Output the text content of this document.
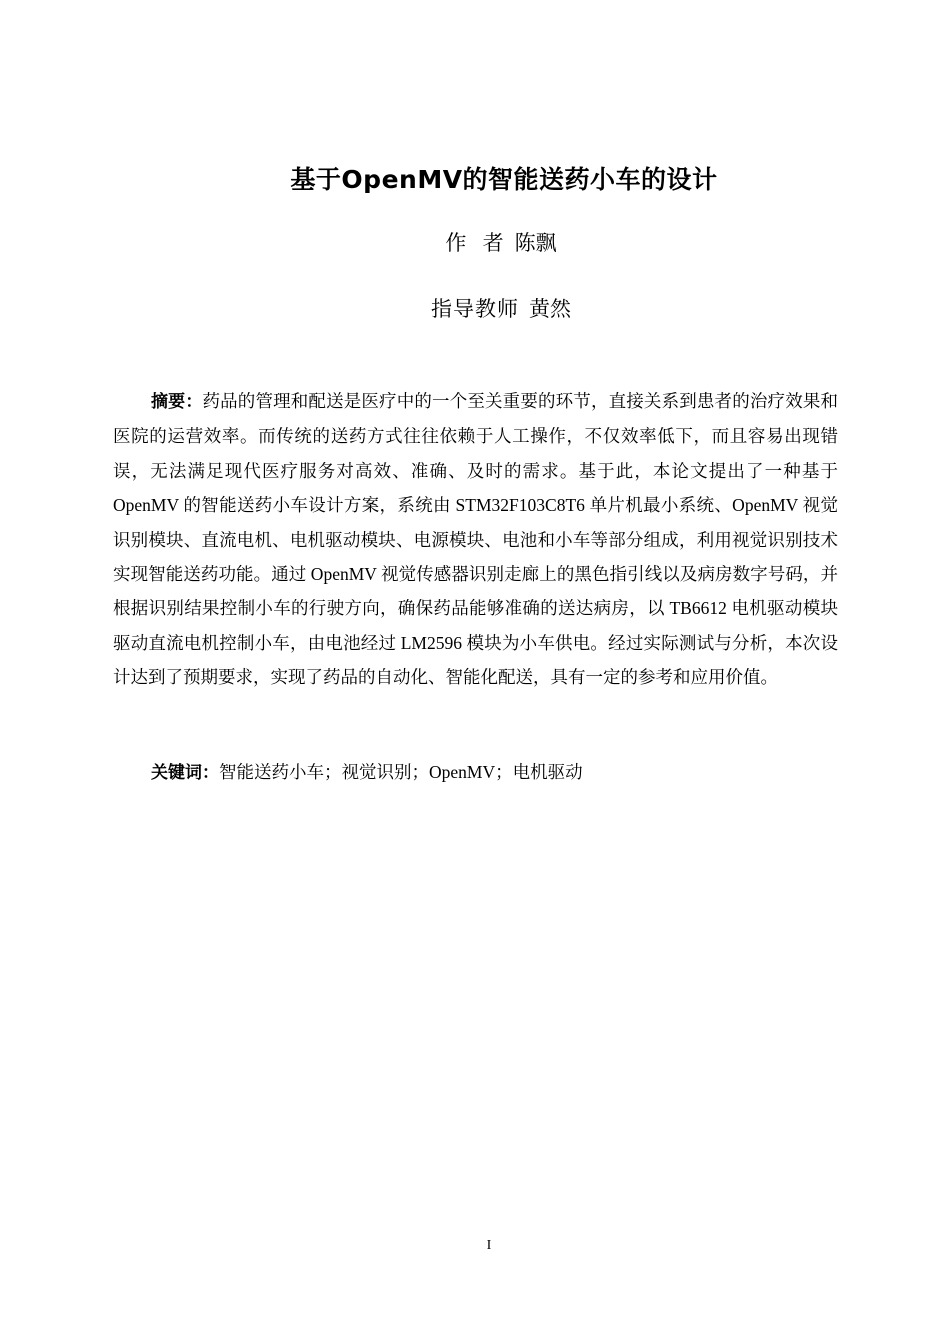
基于OpenMV的智能送药小车的设计

作  者 陈飘

指导教师 黄然

摘要：药品的管理和配送是医疗中的一个至关重要的环节，直接关系到患者的治疗效果和医院的运营效率。而传统的送药方式往往依赖于人工操作，不仅效率低下，而且容易出现错误，无法满足现代医疗服务对高效、准确、及时的需求。基于此，本论文提出了一种基于 OpenMV 的智能送药小车设计方案，系统由 STM32F103C8T6 单片机最小系统、OpenMV 视觉识别模块、直流电机、电机驱动模块、电源模块、电池和小车等部分组成，利用视觉识别技术实现智能送药功能。通过 OpenMV 视觉传感器识别走廊上的黑色指引线以及病房数字号码，并根据识别结果控制小车的行驶方向，确保药品能够准确的送达病房，以 TB6612 电机驱动模块驱动直流电机控制小车，由电池经过 LM2596 模块为小车供电。经过实际测试与分析，本次设计达到了预期要求，实现了药品的自动化、智能化配送，具有一定的参考和应用价值。

关键词：智能送药小车；视觉识别；OpenMV；电机驱动

I
